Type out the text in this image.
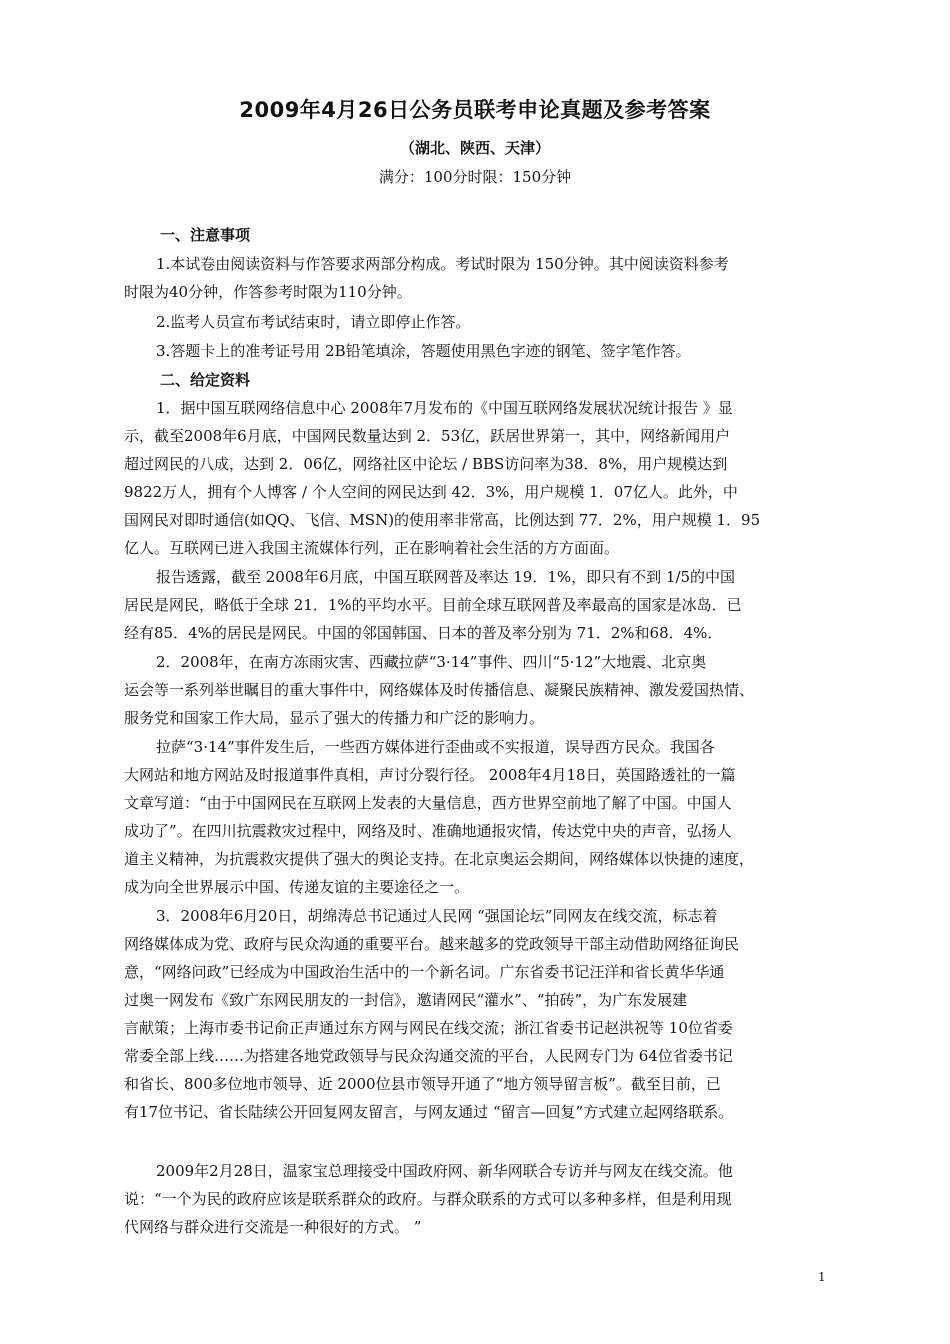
2009年4月26日公务员联考申论真题及参考答案
（湖北、陕西、天津）
满分：100分时限：150分钟
一、注意事项
1.本试卷由阅读资料与作答要求两部分构成。考试时限为 150分钟。其中阅读资料参考
时限为40分钟，作答参考时限为110分钟。
2.监考人员宣布考试结束时，请立即停止作答。
3.答题卡上的准考证号用 2B铅笔填涂，答题使用黑色字迹的钢笔、签字笔作答。
二、给定资料
1．据中国互联网络信息中心 2008年7月发布的《中国互联网络发展状况统计报告 》显
示，截至2008年6月底，中国网民数量达到 2．53亿，跃居世界第一，其中，网络新闻用户
超过网民的八成，达到 2．06亿，网络社区中论坛 / BBS访问率为38．8%，用户规模达到
9822万人，拥有个人博客 / 个人空间的网民达到 42．3%，用户规模 1．07亿人。此外，中
国网民对即时通信(如QQ、飞信、MSN)的使用率非常高，比例达到 77．2%，用户规模 1．95
亿人。互联网已进入我国主流媒体行列，正在影响着社会生活的方方面面。
报告透露，截至 2008年6月底，中国互联网普及率达 19．1%，即只有不到 1/5的中国
居民是网民，略低于全球 21．1%的平均水平。目前全球互联网普及率最高的国家是冰岛．已
经有85．4%的居民是网民。中国的邻国韩国、日本的普及率分别为 71．2%和68．4%．
2．2008年，在南方冻雨灾害、西藏拉萨“3·14”事件、四川“5·12”大地震、北京奥
运会等一系列举世瞩目的重大事件中，网络媒体及时传播信息、凝聚民族精神、激发爱国热情、
服务党和国家工作大局，显示了强大的传播力和广泛的影响力。
拉萨“3·14”事件发生后，一些西方媒体进行歪曲或不实报道，误导西方民众。我国各
大网站和地方网站及时报道事件真相，声讨分裂行径。 2008年4月18日，英国路透社的一篇
文章写道：“由于中国网民在互联网上发表的大量信息，西方世界空前地了解了中国。中国人
成功了”。在四川抗震救灾过程中，网络及时、准确地通报灾情，传达党中央的声音，弘扬人
道主义精神，为抗震救灾提供了强大的舆论支持。在北京奥运会期间，网络媒体以快捷的速度，
成为向全世界展示中国、传递友谊的主要途径之一。
3．2008年6月20日，胡绵涛总书记通过人民网 “强国论坛”同网友在线交流，标志着
网络媒体成为党、政府与民众沟通的重要平台。越来越多的党政领导干部主动借助网络征询民
意，“网络问政”已经成为中国政治生活中的一个新名词。广东省委书记汪洋和省长黄华华通
过奥一网发布《致广东网民朋友的一封信》，邀请网民“灌水”、“拍砖”，为广东发展建
言献策；上海市委书记俞正声通过东方网与网民在线交流；浙江省委书记赵洪祝等 10位省委
常委全部上线……为搭建各地党政领导与民众沟通交流的平台，人民网专门为 64位省委书记
和省长、800多位地市领导、近 2000位县市领导开通了“地方领导留言板”。截至目前，已
有17位书记、省长陆续公开回复网友留言，与网友通过 “留言—回复”方式建立起网络联系。
2009年2月28日，温家宝总理接受中国政府网、新华网联合专访并与网友在线交流。他
说：“一个为民的政府应该是联系群众的政府。与群众联系的方式可以多种多样，但是利用现
代网络与群众进行交流是一种很好的方式。 ”
1
